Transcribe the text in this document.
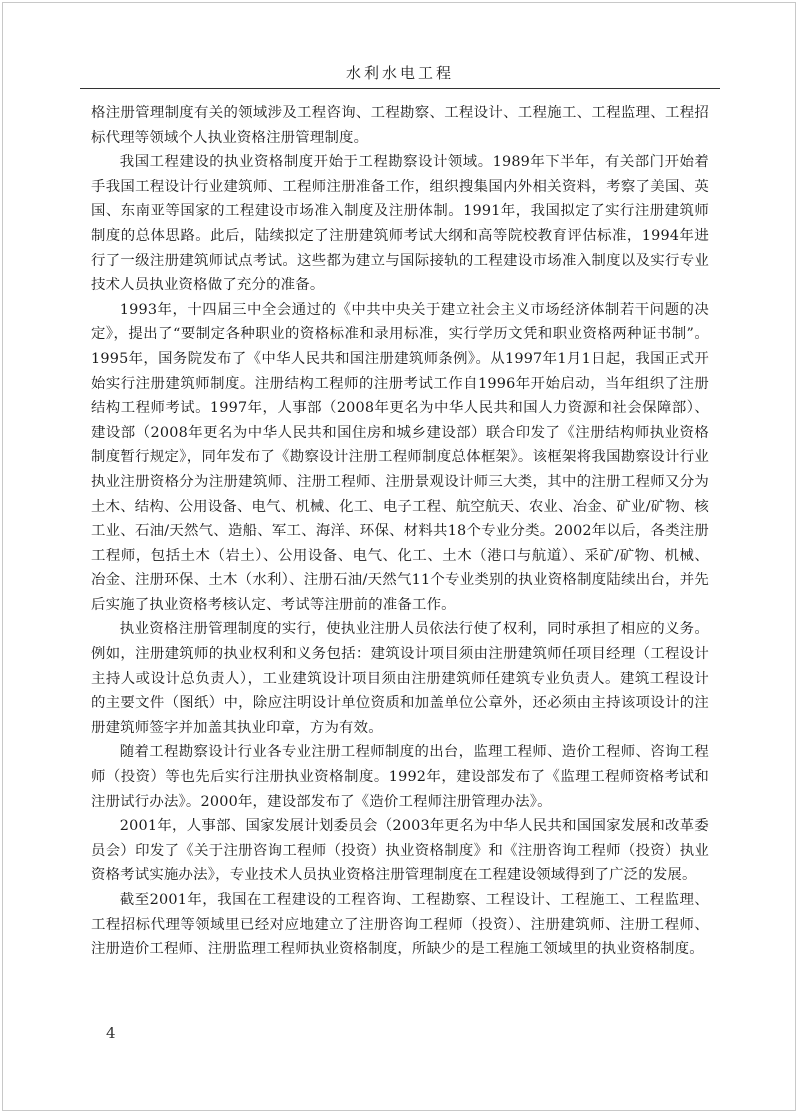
水利水电工程

格注册管理制度有关的领域涉及工程咨询、工程勘察、工程设计、工程施工、工程监理、工程招标代理等领域个人执业资格注册管理制度。

我国工程建设的执业资格制度开始于工程勘察设计领域。1989年下半年，有关部门开始着手我国工程设计行业建筑师、工程师注册准备工作，组织搜集国内外相关资料，考察了美国、英国、东南亚等国家的工程建设市场准入制度及注册体制。1991年，我国拟定了实行注册建筑师制度的总体思路。此后，陆续拟定了注册建筑师考试大纲和高等院校教育评估标准，1994年进行了一级注册建筑师试点考试。这些都为建立与国际接轨的工程建设市场准入制度以及实行专业技术人员执业资格做了充分的准备。

1993年，十四届三中全会通过的《中共中央关于建立社会主义市场经济体制若干问题的决定》，提出了“要制定各种职业的资格标准和录用标准，实行学历文凭和职业资格两种证书制”。1995年，国务院发布了《中华人民共和国注册建筑师条例》。从1997年1月1日起，我国正式开始实行注册建筑师制度。注册结构工程师的注册考试工作自1996年开始启动，当年组织了注册结构工程师考试。1997年，人事部（2008年更名为中华人民共和国人力资源和社会保障部）、建设部（2008年更名为中华人民共和国住房和城乡建设部）联合印发了《注册结构师执业资格制度暂行规定》，同年发布了《勘察设计注册工程师制度总体框架》。该框架将我国勘察设计行业执业注册资格分为注册建筑师、注册工程师、注册景观设计师三大类，其中的注册工程师又分为土木、结构、公用设备、电气、机械、化工、电子工程、航空航天、农业、冶金、矿业/矿物、核工业、石油/天然气、造船、军工、海洋、环保、材料共18个专业分类。2002年以后，各类注册工程师，包括土木（岩土）、公用设备、电气、化工、土木（港口与航道）、采矿/矿物、机械、冶金、注册环保、土木（水利）、注册石油/天然气11个专业类别的执业资格制度陆续出台，并先后实施了执业资格考核认定、考试等注册前的准备工作。

执业资格注册管理制度的实行，使执业注册人员依法行使了权利，同时承担了相应的义务。例如，注册建筑师的执业权利和义务包括：建筑设计项目须由注册建筑师任项目经理（工程设计主持人或设计总负责人），工业建筑设计项目须由注册建筑师任建筑专业负责人。建筑工程设计的主要文件（图纸）中，除应注明设计单位资质和加盖单位公章外，还必须由主持该项设计的注册建筑师签字并加盖其执业印章，方为有效。

随着工程勘察设计行业各专业注册工程师制度的出台，监理工程师、造价工程师、咨询工程师（投资）等也先后实行注册执业资格制度。1992年，建设部发布了《监理工程师资格考试和注册试行办法》。2000年，建设部发布了《造价工程师注册管理办法》。

2001年，人事部、国家发展计划委员会（2003年更名为中华人民共和国国家发展和改革委员会）印发了《关于注册咨询工程师（投资）执业资格制度》和《注册咨询工程师（投资）执业资格考试实施办法》，专业技术人员执业资格注册管理制度在工程建设领域得到了广泛的发展。

截至2001年，我国在工程建设的工程咨询、工程勘察、工程设计、工程施工、工程监理、工程招标代理等领域里已经对应地建立了注册咨询工程师（投资）、注册建筑师、注册工程师、注册造价工程师、注册监理工程师执业资格制度，所缺少的是工程施工领域里的执业资格制度。

4
